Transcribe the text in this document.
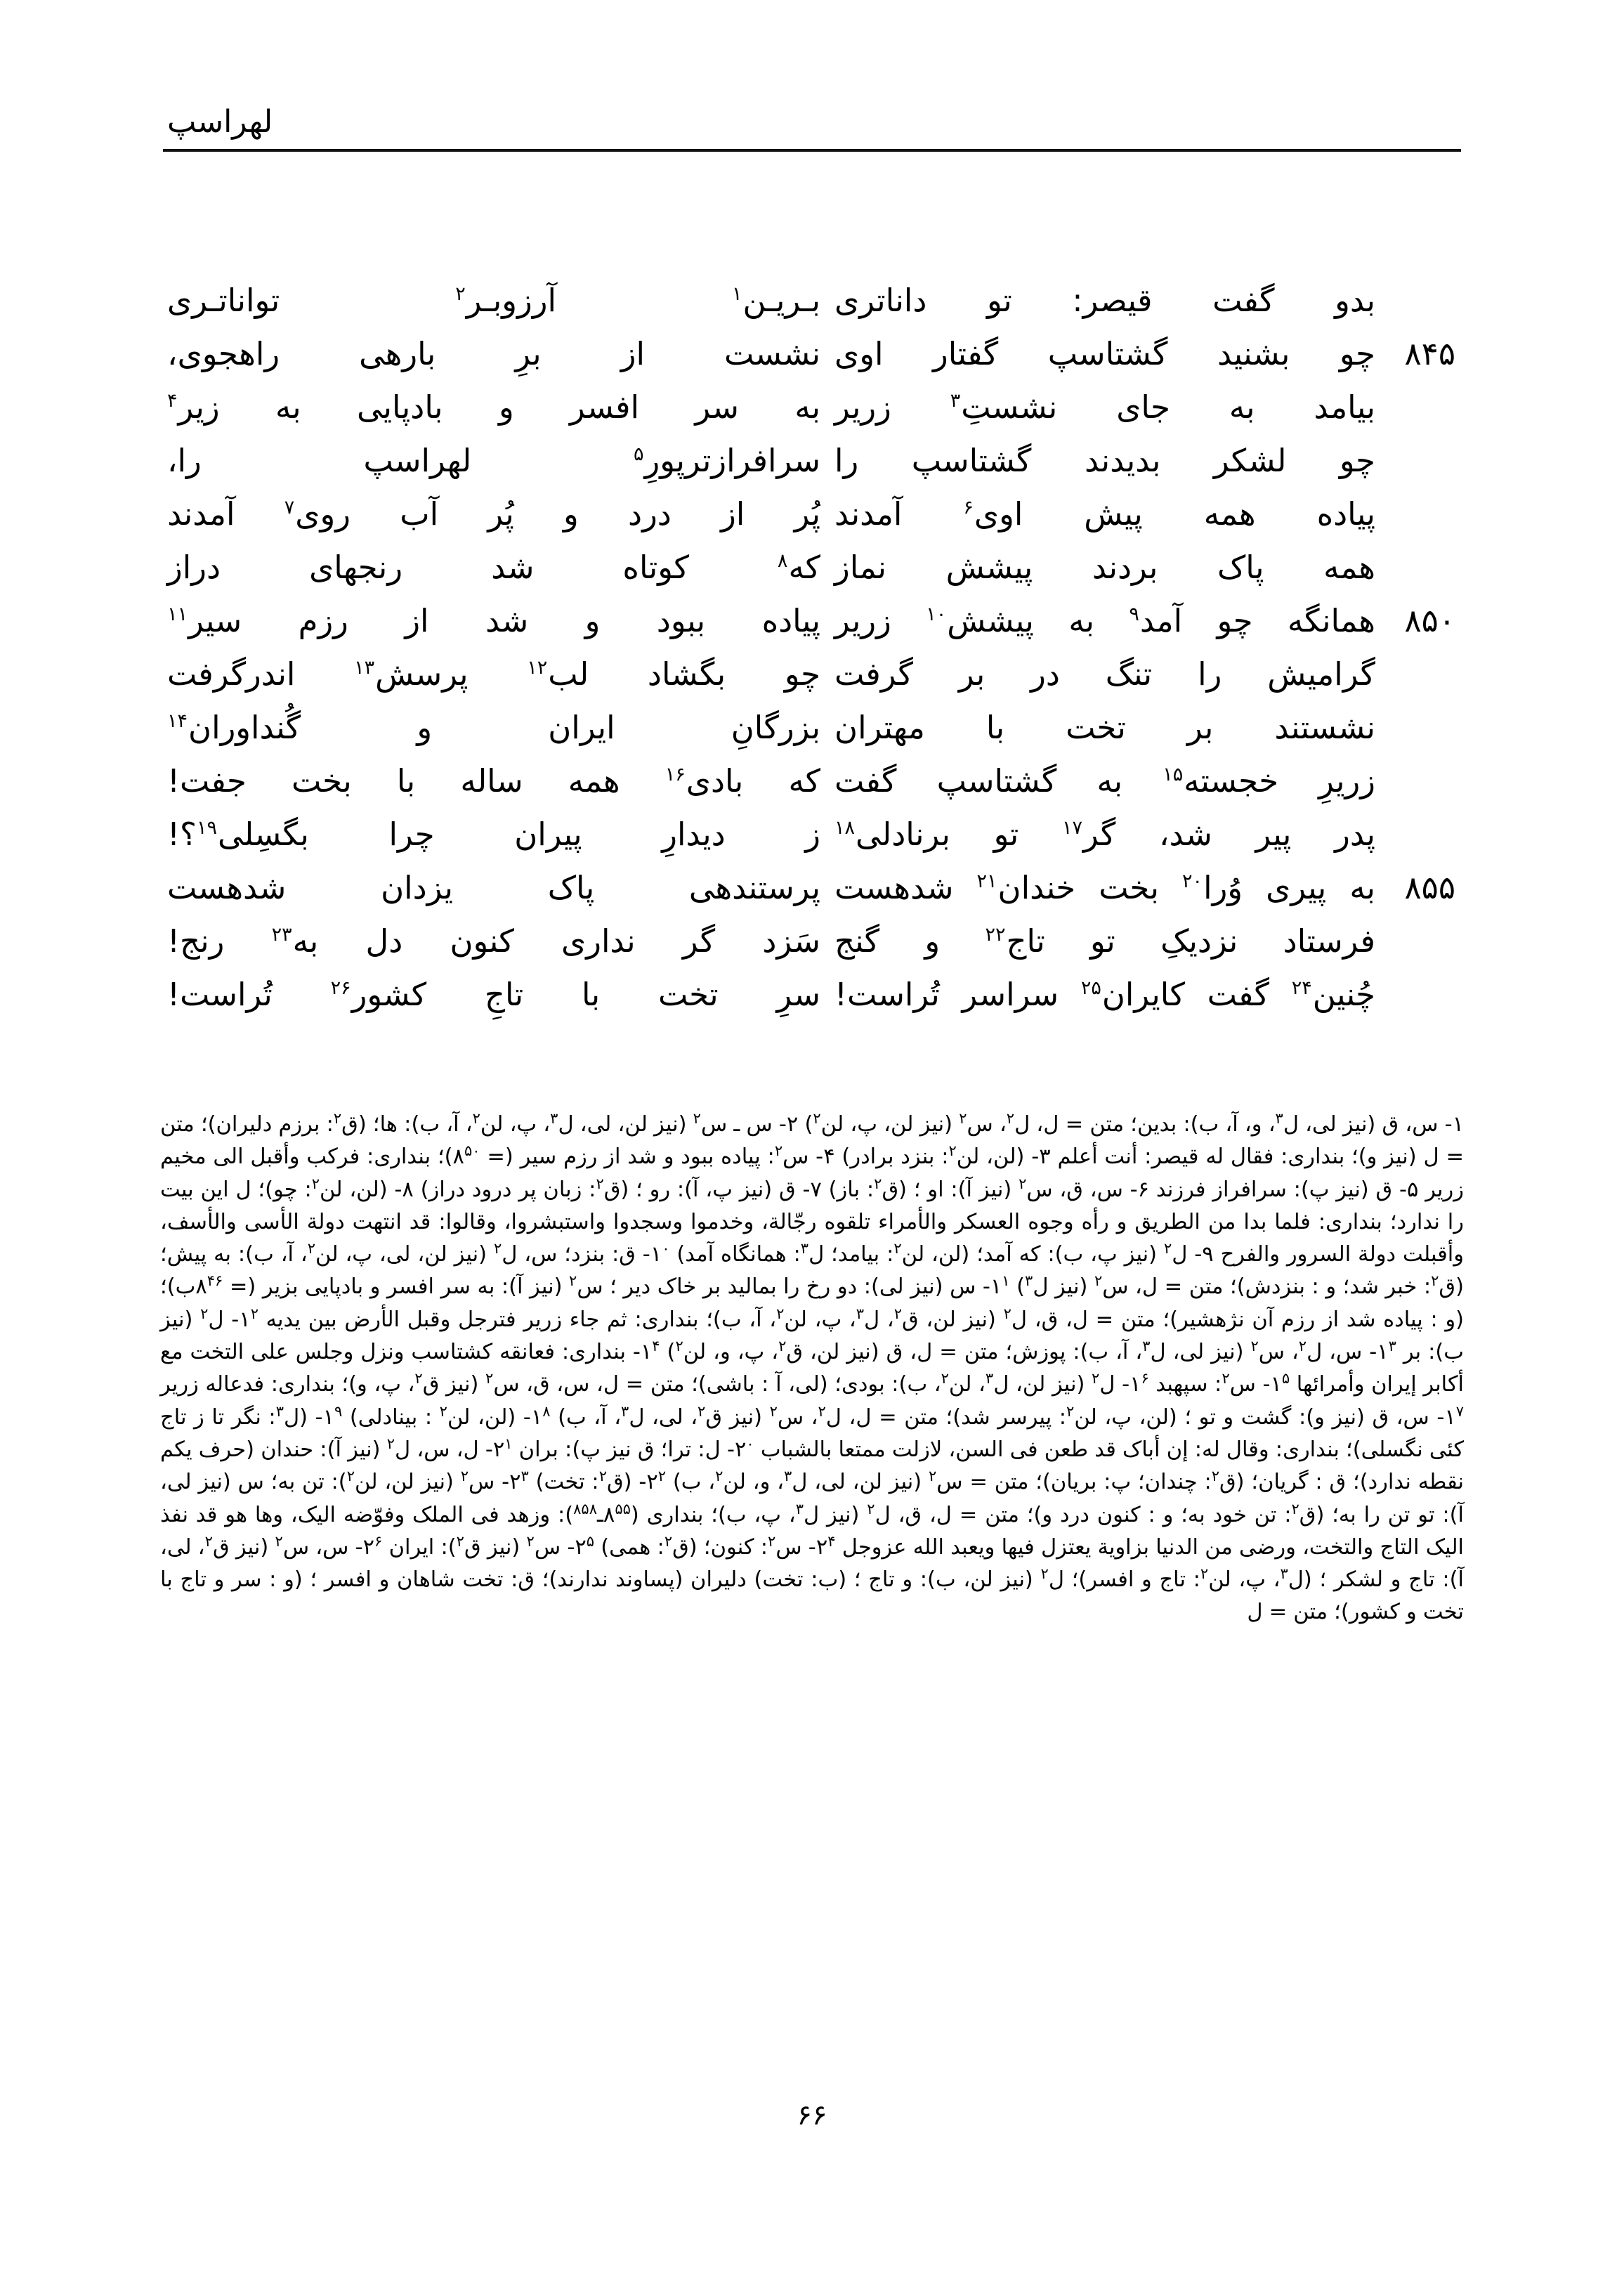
لهراسپ
بدو
گفت
قیصر:
تو
داناتری
بـریـن$^۱$
آرزوبـر$^۲$
تواناتـری
۸۴۵
چو
بشنید
گشتاسپ
گفتار
اوی
نشست
از
برِ
بارهی
راهجوی،
بیامد
به
جای
نشستِ$^۳$
زریر
به
سر
افسر
و
بادپایی
به
زیر$^۴$
چو
لشکر
بدیدند
گشتاسپ
را
سرافرازترپورِ$^۵$
لهراسپ
را،
پیاده
همه
پیش
اوی$^۶$
آمدند
پُر
از
درد
و
پُر
آب
روی$^۷$
آمدند
همه
پاک
بردند
پیشش
نماز
که$^۸$
کوتاه
شد
رنجهای
دراز
۸۵۰
همانگه
چو
آمد$^۹$
به
پیشش$^{۱۰}$
زریر
پیاده
ببود
و
شد
از
رزم
سیر$^{۱۱}$
گرامیش
را
تنگ
در
بر
گرفت
چو
بگشاد
لب$^{۱۲}$
پرسش$^{۱۳}$
اندرگرفت
نشستند
بر
تخت
با
مهتران
بزرگانِ
ایران
و
گُنداوران$^{۱۴}$
زریرِ
خجسته$^{۱۵}$
به
گشتاسپ
گفت
که
بادی$^{۱۶}$
همه
ساله
با
بخت
جفت!
پدر
پیر
شد،
گر$^{۱۷}$
تو
برنادلی$^{۱۸}$
ز
دیدارِ
پیران
چرا
بگسِلی$^{۱۹}$؟!
۸۵۵
به
پیری
وُرا$^{۲۰}$
بخت
خندان$^{۲۱}$
شدهست
پرستندهی
پاک
یزدان
شدهست
فرستاد
نزدیکِ
تو
تاج$^{۲۲}$
و
گنج
سَزد
گر
نداری
کنون
دل
به$^{۲۳}$
رنج!
چُنین$^{۲۴}$
گفت
کایران$^{۲۵}$
سراسر
تُراست!
سرِ
تخت
با
تاجِ
کشور$^{۲۶}$
تُراست!

۱- س، ق (نیز لی، ل$^۳$، و، آ، ب): بدین؛ متن = ل، ل$^۲$، س$^۲$ (نیز لن، پ، لن$^۲$) ۲- س ـ س$^۲$ (نیز لن، لی، ل$^۳$، پ، لن$^۲$، آ، ب): ها؛ (ق$^۲$: برزم دلیران)؛ متن = ل (نیز و)؛ بنداری: فقال له قیصر: أنت أعلم ۳- (لن، لن$^۲$: بنزد برادر) ۴- س$^۲$: پیاده ببود و شد از رزم سیر (= $۸^{۵۰})؛$ بنداری: فرکب وأقبل الی مخیم زریر ۵- ق (نیز پ): سرافراز فرزند ۶- س، ق، س$^۲$ (نیز آ): او ؛ (ق$^۲$: باز) ۷- ق (نیز پ، آ): رو ؛ (ق$^۲$: زبان پر درود دراز) ۸- (لن، لن$^۲$: چو)؛ ل این بیت را ندارد؛ بنداری: فلما بدا من الطریق و رأه وجوه العسکر والأمراء تلقوه رجّالة، وخدموا وسجدوا واستبشروا، وقالوا: قد انتهت دولة الأسی والأسف، وأقبلت دولة السرور والفرح ۹- ل$^۲$ (نیز پ، ب): که آمد؛ (لن، لن$^۲$: بیامد؛ ل$^۳$: همانگاه آمد) $۱^۰-$ ق: بنزد؛ س، ل$^۲$ (نیز لن، لی، پ، لن$^۲$، آ، ب): به پیش؛ (ق$^۲$: خبر شد؛ و : بنزدش)؛ متن = ل، س$^۲$ (نیز ل$^۳$) $۱^۱-$ س (نیز لی): دو رخ را بمالید بر خاک دیر ؛ س$^۲$ (نیز آ): به سر افسر و بادپایی بزیر (= $۸^{۴۶}ب)؛$ (و : پیاده شد از رزم آن نژهشیر)؛ متن = ل، ق، ل$^۲$ (نیز لن، ق$^۲$، ل$^۳$، پ، لن$^۲$، آ، ب)؛ بنداری: ثم جاء زریر فترجل وقبل الأرض بین یدیه $۱^۲-$ ل$^۲$ (نیز ب): بر $۱^۳-$ س، ل$^۲$، س$^۲$ (نیز لی، ل$^۳$، آ، ب): پوزش؛ متن = ل، ق (نیز لن، ق$^۲$، پ، و، لن$^۲$) $۱^۴-$ بنداری: فعانقه کشتاسب ونزل وجلس علی التخت مع أکابر إیران وأمرائها $۱^۵-$ س$^۲$: سپهبد $۱^۶-$ ل$^۲$ (نیز لن، ل$^۳$، لن$^۲$، ب): بودی؛ (لی، آ : باشی)؛ متن = ل، س، ق، س$^۲$ (نیز ق$^۲$، پ، و)؛ بنداری: فدعاله زریر $۱^۷-$ س، ق (نیز و): گشت و تو ؛ (لن، پ، لن$^۲$: پیرسر شد)؛ متن = ل، ل$^۲$، س$^۲$ (نیز ق$^۲$، لی، ل$^۳$، آ، ب) $۱^۸-$ (لن، لن$^۲$ : بینادلی) $۱^۹-$ (ل$^۳$: نگر تا ز تاج کئی نگسلی)؛ بنداری: وقال له: إن أباک قد طعن فی السن، لازلت ممتعا بالشباب $۲^۰-$ ل: ترا؛ ق نیز پ): بران $۲^۱-$ ل، س، ل$^۲$ (نیز آ): حندان (حرف یکم نقطه ندارد)؛ ق : گریان؛ (ق$^۲$: چندان؛ پ: بریان)؛ متن = س$^۲$ (نیز لن، لی، ل$^۳$، و، لن$^۲$، ب) $۲^۲-$ (ق$^۲$: تخت) $۲^۳-$ س$^۲$ (نیز لن، لن$^۲$): تن به؛ س (نیز لی، آ): تو تن را به؛ (ق$^۲$: تن خود به؛ و : کنون درد و)؛ متن = ل، ق، ل$^۲$ (نیز ل$^۳$، پ، ب)؛ بنداری $(۸^{۵۵}ـ^{۸۵۸})$: وزهد فی الملک وفوّضه الیک، وها هو قد نفذ الیک التاج والتخت، ورضی من الدنیا بزاویة یعتزل فیها ویعبد الله عزوجل $۲^۴-$ س$^۲$: کنون؛ (ق$^۲$: همی) $۲^۵-$ س$^۲$ (نیز ق$^۲$): ایران $۲^۶-$ س، س$^۲$ (نیز ق$^۲$، لی، آ): تاج و لشکر ؛ (ل$^۳$، پ، لن$^۲$: تاج و افسر)؛ ل$^۲$ (نیز لن، ب): و تاج ؛ (ب: تخت) دلیران (پساوند ندارند)؛ ق: تخت شاهان و افسر ؛ (و : سر و تاج با تخت و کشور)؛ متن = ل

۶۶
